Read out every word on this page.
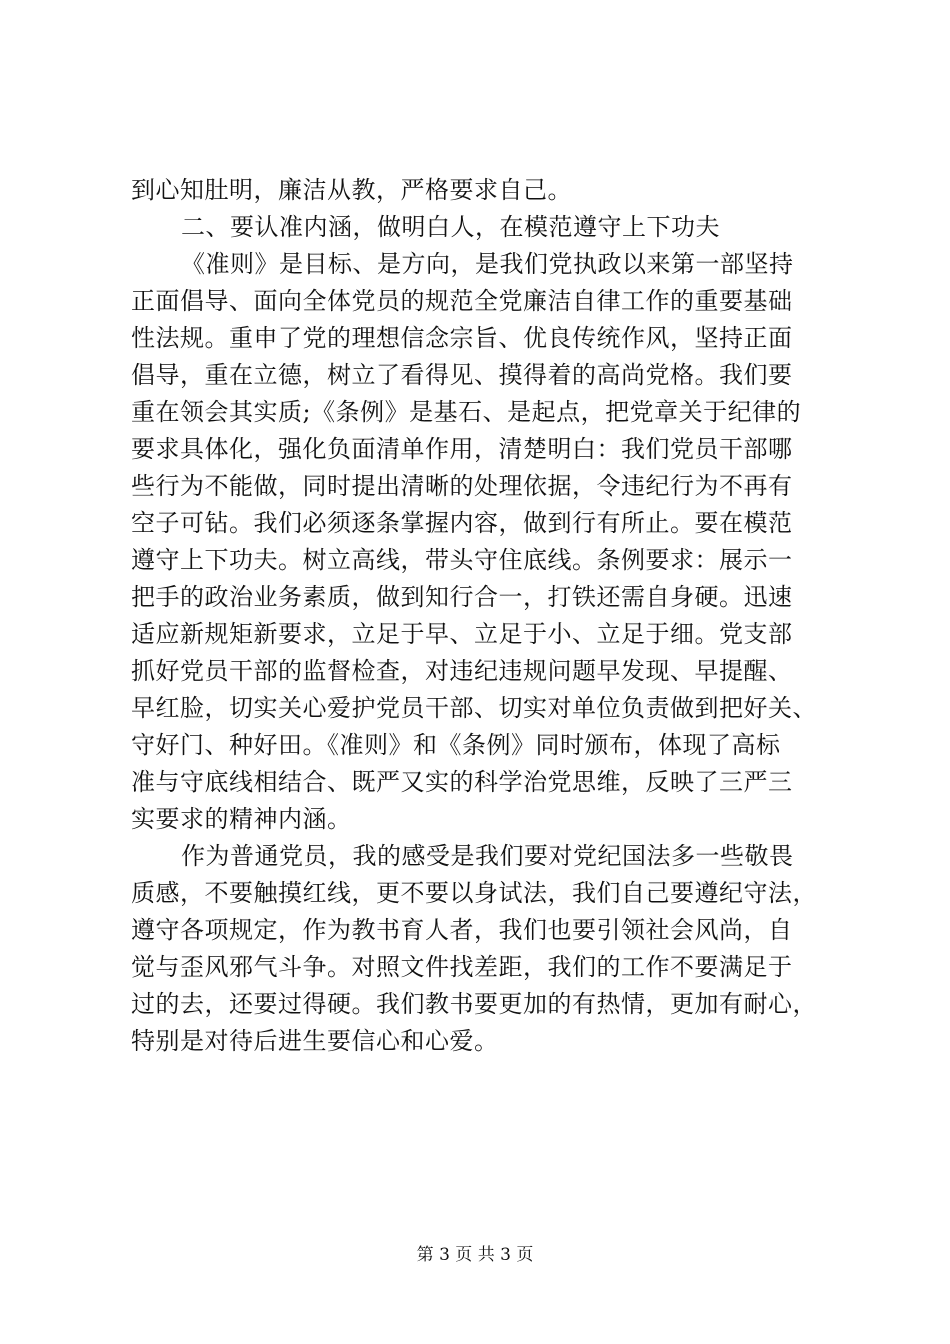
到心知肚明，廉洁从教，严格要求自己。
二、要认准内涵，做明白人，在模范遵守上下功夫
《准则》是目标、是方向，是我们党执政以来第一部坚持
正面倡导、面向全体党员的规范全党廉洁自律工作的重要基础
性法规。重申了党的理想信念宗旨、优良传统作风，坚持正面
倡导，重在立德，树立了看得见、摸得着的高尚党格。我们要
重在领会其实质;《条例》是基石、是起点，把党章关于纪律的
要求具体化，强化负面清单作用，清楚明白：我们党员干部哪
些行为不能做，同时提出清晰的处理依据，令违纪行为不再有
空子可钻。我们必须逐条掌握内容，做到行有所止。要在模范
遵守上下功夫。树立高线，带头守住底线。条例要求：展示一
把手的政治业务素质，做到知行合一，打铁还需自身硬。迅速
适应新规矩新要求，立足于早、立足于小、立足于细。党支部
抓好党员干部的监督检查，对违纪违规问题早发现、早提醒、
早红脸，切实关心爱护党员干部、切实对单位负责做到把好关、
守好门、种好田。《准则》和《条例》同时颁布，体现了高标
准与守底线相结合、既严又实的科学治党思维，反映了三严三
实要求的精神内涵。
作为普通党员，我的感受是我们要对党纪国法多一些敬畏
质感，不要触摸红线，更不要以身试法，我们自己要遵纪守法，
遵守各项规定，作为教书育人者，我们也要引领社会风尚，自
觉与歪风邪气斗争。对照文件找差距，我们的工作不要满足于
过的去，还要过得硬。我们教书要更加的有热情，更加有耐心，
特别是对待后进生要信心和心爱。
第 3 页 共 3 页
